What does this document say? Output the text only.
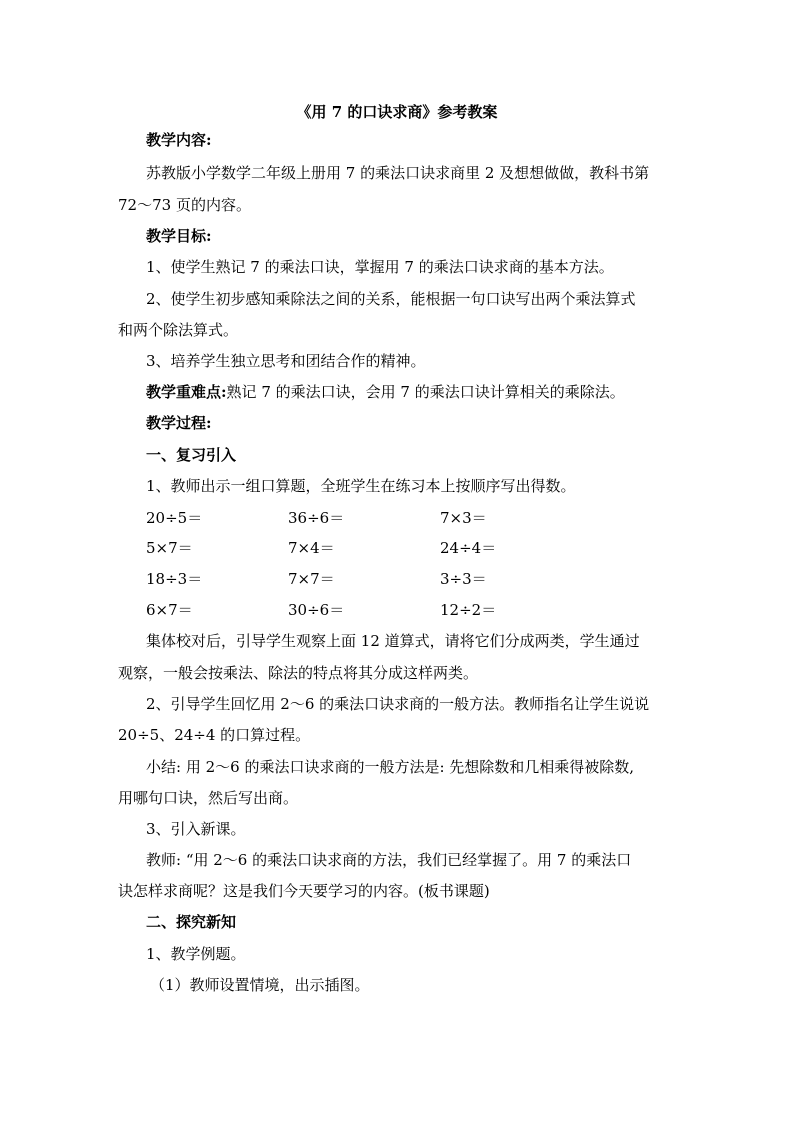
《用 7 的口诀求商》参考教案
教学内容:
苏教版小学数学二年级上册用 7 的乘法口诀求商里 2 及想想做做，教科书第
72～73 页的内容。
教学目标:
1、使学生熟记 7 的乘法口诀，掌握用 7 的乘法口诀求商的基本方法。
2、使学生初步感知乘除法之间的关系，能根据一句口诀写出两个乘法算式
和两个除法算式。
3、培养学生独立思考和团结合作的精神。
教学重难点:熟记 7 的乘法口诀，会用 7 的乘法口诀计算相关的乘除法。
教学过程:
一、复习引入
1、教师出示一组口算题，全班学生在练习本上按顺序写出得数。
20÷5＝	36÷6＝	7×3＝
5×7＝	7×4＝	24÷4＝
18÷3＝	7×7＝	3÷3＝
6×7＝	30÷6＝	12÷2＝
集体校对后，引导学生观察上面 12 道算式，请将它们分成两类，学生通过
观察，一般会按乘法、除法的特点将其分成这样两类。
2、引导学生回忆用 2～6 的乘法口诀求商的一般方法。教师指名让学生说说
20÷5、24÷4 的口算过程。
小结: 用 2～6 的乘法口诀求商的一般方法是: 先想除数和几相乘得被除数,
用哪句口诀，然后写出商。
3、引入新课。
教师: “用 2～6 的乘法口诀求商的方法，我们已经掌握了。用 7 的乘法口
诀怎样求商呢？这是我们今天要学习的内容。(板书课题)
二、探究新知
1、教学例题。
（1）教师设置情境，出示插图。
